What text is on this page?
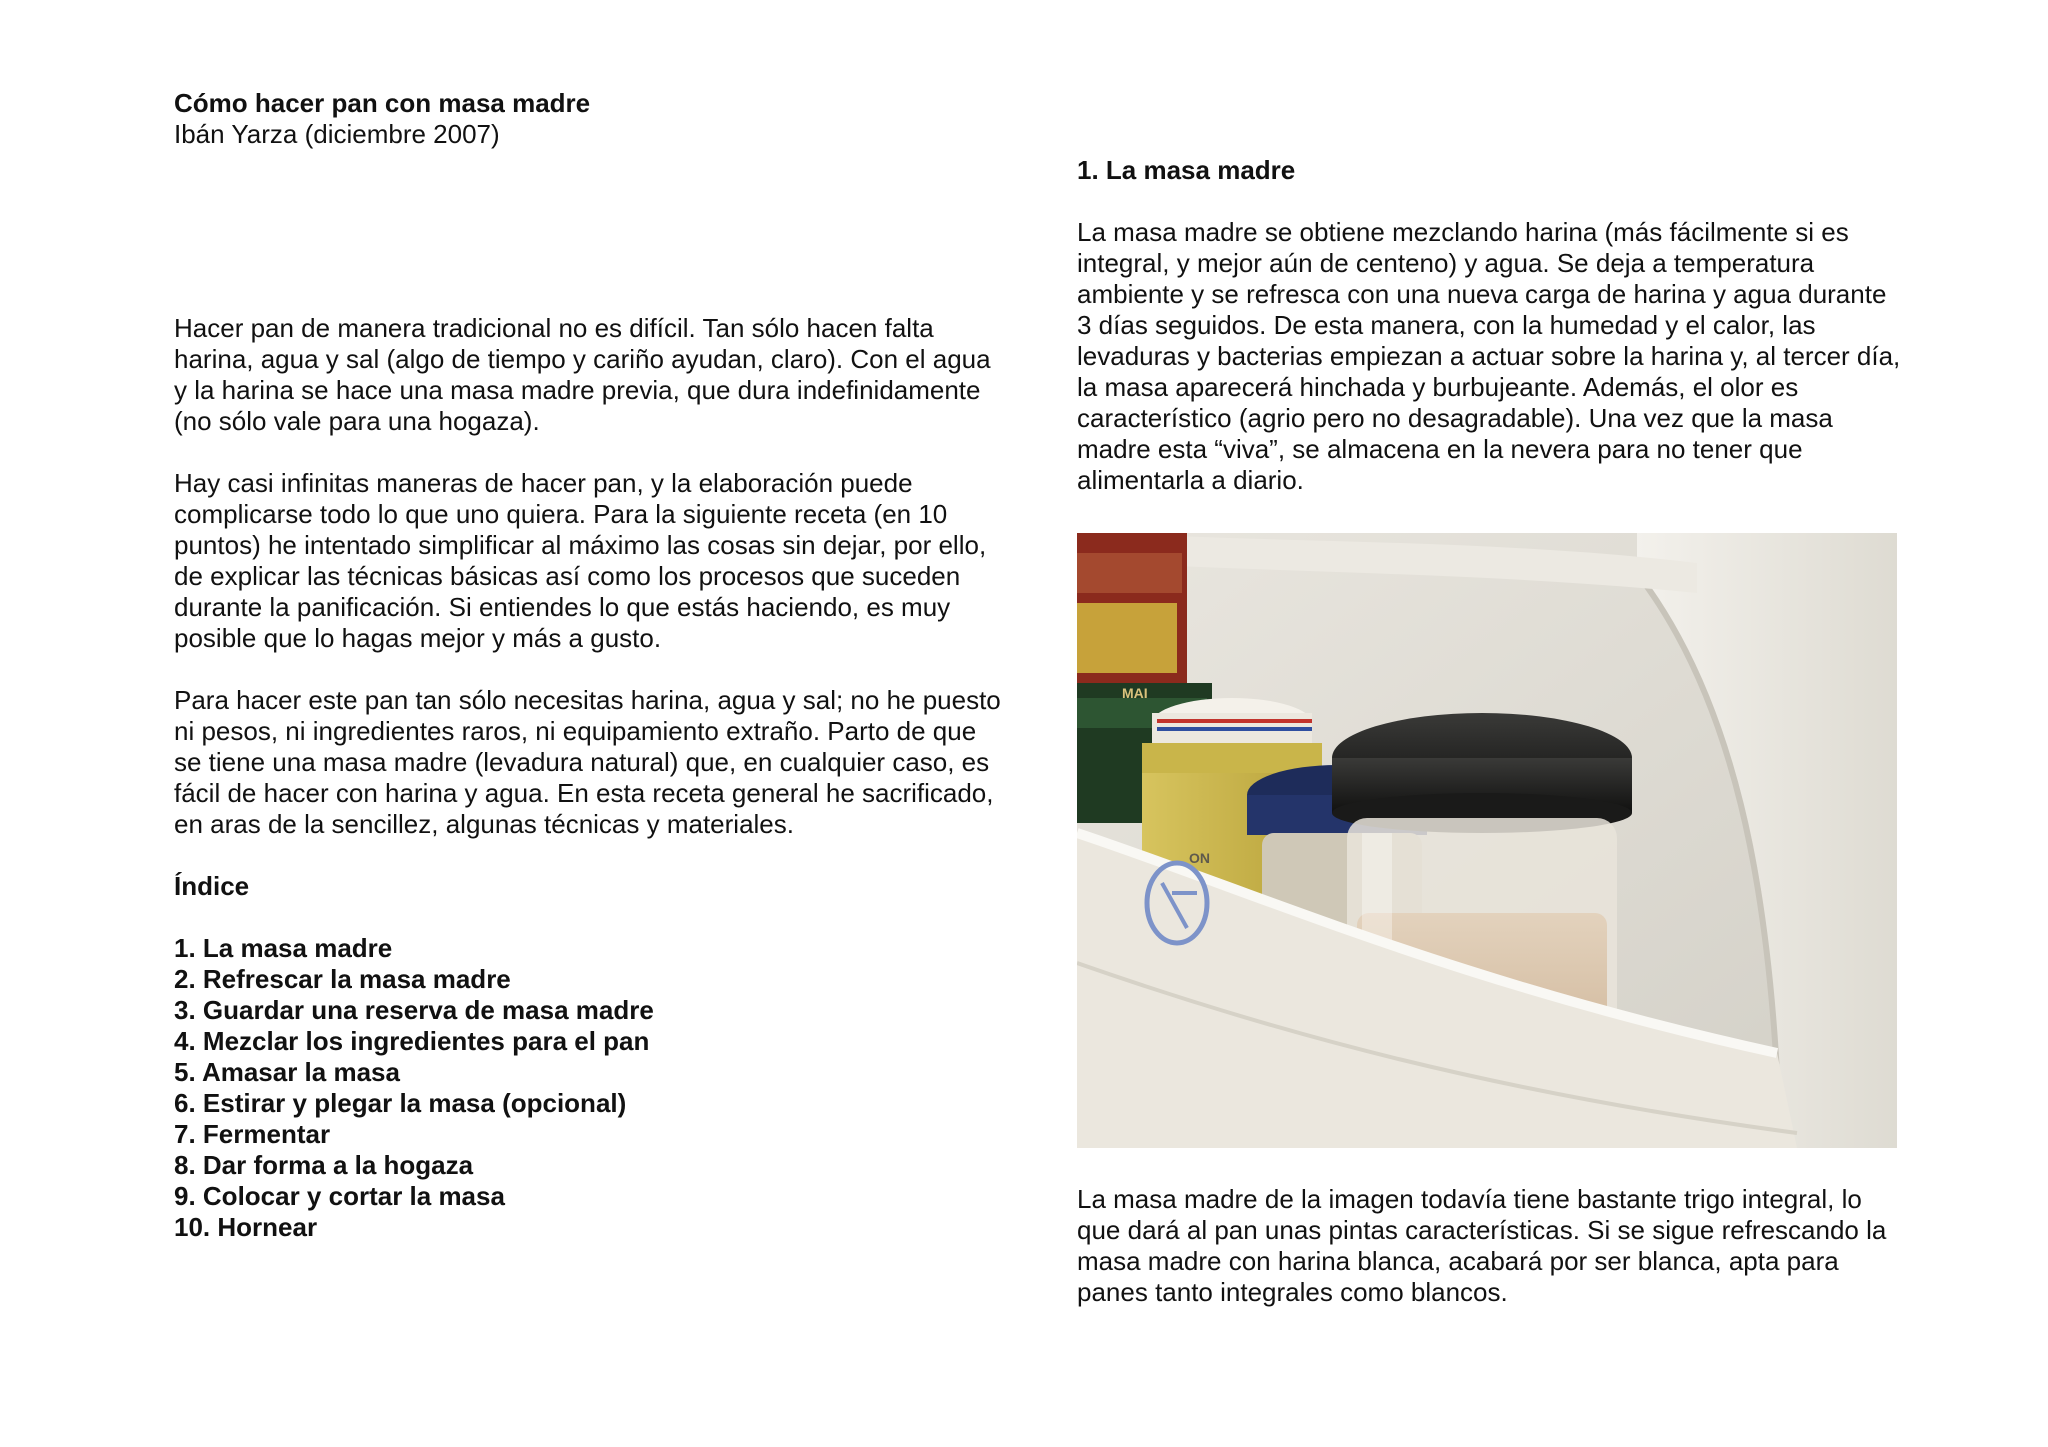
Cómo hacer pan con masa madre

Ibán Yarza (diciembre 2007)

Hacer pan de manera tradicional no es difícil. Tan sólo hacen falta harina, agua y sal (algo de tiempo y cariño ayudan, claro). Con el agua y la harina se hace una masa madre previa, que dura indefinidamente (no sólo vale para una hogaza).

Hay casi infinitas maneras de hacer pan, y la elaboración puede complicarse todo lo que uno quiera. Para la siguiente receta (en 10 puntos) he intentado simplificar al máximo las cosas sin dejar, por ello, de explicar las técnicas básicas así como los procesos que suceden durante la panificación. Si entiendes lo que estás haciendo, es muy posible que lo hagas mejor y más a gusto.

Para hacer este pan tan sólo necesitas harina, agua y sal; no he puesto ni pesos, ni ingredientes raros, ni equipamiento extraño. Parto de que se tiene una masa madre (levadura natural) que, en cualquier caso, es fácil de hacer con harina y agua. En esta receta general he sacrificado, en aras de la sencillez, algunas técnicas y materiales.

Índice

1. La masa madre
2. Refrescar la masa madre
3. Guardar una reserva de masa madre
4. Mezclar los ingredientes para el pan
5. Amasar la masa
6. Estirar y plegar la masa (opcional)
7. Fermentar
8. Dar forma a la hogaza
9. Colocar y cortar la masa
10. Hornear

1. La masa madre

La masa madre se obtiene mezclando harina (más fácilmente si es integral, y mejor aún de centeno) y agua. Se deja a temperatura ambiente y se refresca con una nueva carga de harina y agua durante 3 días seguidos. De esta manera, con la humedad y el calor, las levaduras y bacterias empiezan a actuar sobre la harina y, al tercer día, la masa aparecerá hinchada y burbujeante. Además, el olor es característico (agrio pero no desagradable). Una vez que la masa madre esta “viva”, se almacena en la nevera para no tener que alimentarla a diario.

MAI
ON
La masa madre de la imagen todavía tiene bastante trigo integral, lo que dará al pan unas pintas características. Si se sigue refrescando la masa madre con harina blanca, acabará por ser blanca, apta para panes tanto integrales como blancos.
